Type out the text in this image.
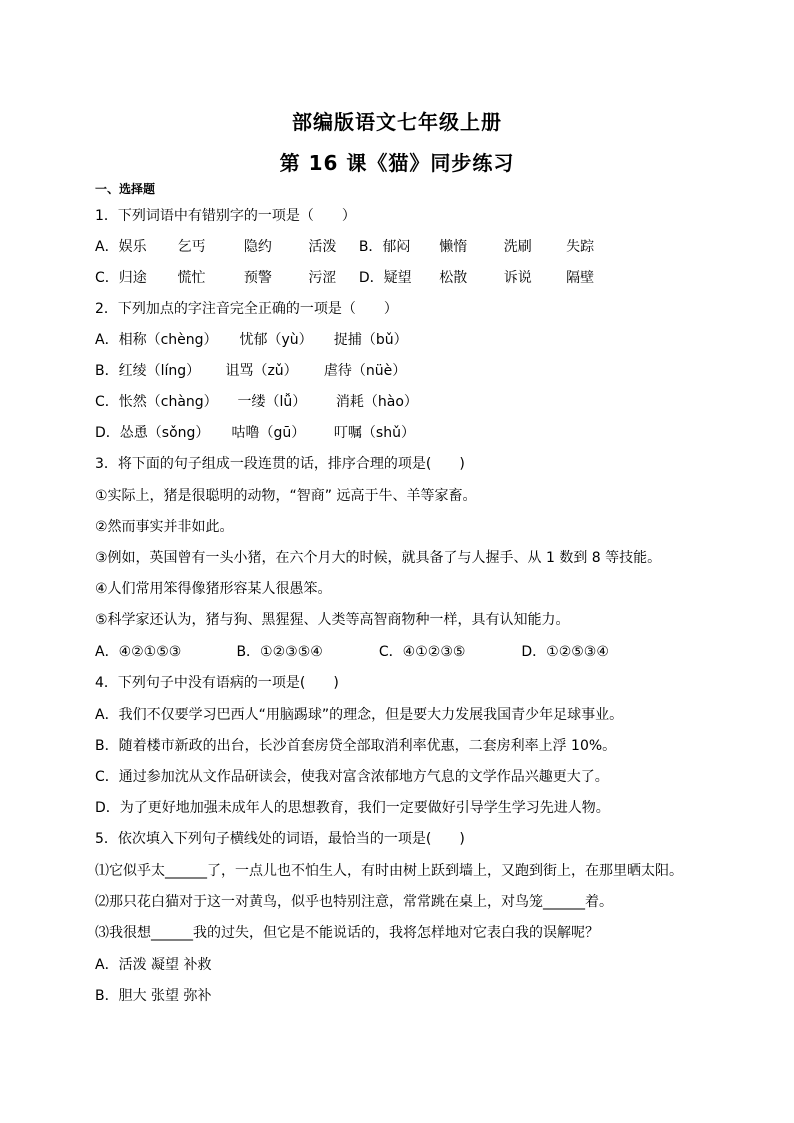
部编版语文七年级上册
第 16 课《猫》同步练习
一、选择题
1．下列词语中有错别字的一项是（　　）
A．娱乐 乞丐	隐约	活泼 B．郁闷 懒惰	洗刷 失踪
C．归途 慌忙	预警	污涩 D．疑望 松散	诉说 隔壁
2．下列加点的字注音完全正确的一项是（　　）
A．相称（chèng） 忧郁（yù） 捉捕（bǔ）
B．红绫（líng） 诅骂（zǔ） 虐待（nüè）
C．怅然（chàng） 一缕（lǚ） 消耗（hào）
D．怂恿（sǒng） 咕噜（gū） 叮嘱（shǔ）
3．将下面的句子组成一段连贯的话，排序合理的项是(　　)
①实际上，猪是很聪明的动物，“智商” 远高于牛、羊等家畜。
②然而事实并非如此。
③例如，英国曾有一头小猪，在六个月大的时候，就具备了与人握手、从 1 数到 8 等技能。
④人们常用笨得像猪形容某人很愚笨。
⑤科学家还认为，猪与狗、黑猩猩、人类等高智商物种一样，具有认知能力。
A．④②①⑤③	B．①②③⑤④	C．④①②③⑤	D．①②⑤③④
4．下列句子中没有语病的一项是(　　)
A．我们不仅要学习巴西人“用脑踢球”的理念，但是要大力发展我国青少年足球事业。
B．随着楼市新政的出台，长沙首套房贷全部取消利率优惠，二套房利率上浮 10%。
C．通过参加沈从文作品研读会，使我对富含浓郁地方气息的文学作品兴趣更大了。
D．为了更好地加强未成年人的思想教育，我们一定要做好引导学生学习先进人物。
5．依次填入下列句子横线处的词语，最恰当的一项是(　　)
⑴它似乎太______了，一点儿也不怕生人，有时由树上跃到墙上，又跑到街上，在那里晒太阳。
⑵那只花白猫对于这一对黄鸟，似乎也特别注意，常常跳在桌上，对鸟笼______着。
⑶我很想______我的过失，但它是不能说话的，我将怎样地对它表白我的误解呢？
A．活泼 凝望 补救
B．胆大 张望 弥补
